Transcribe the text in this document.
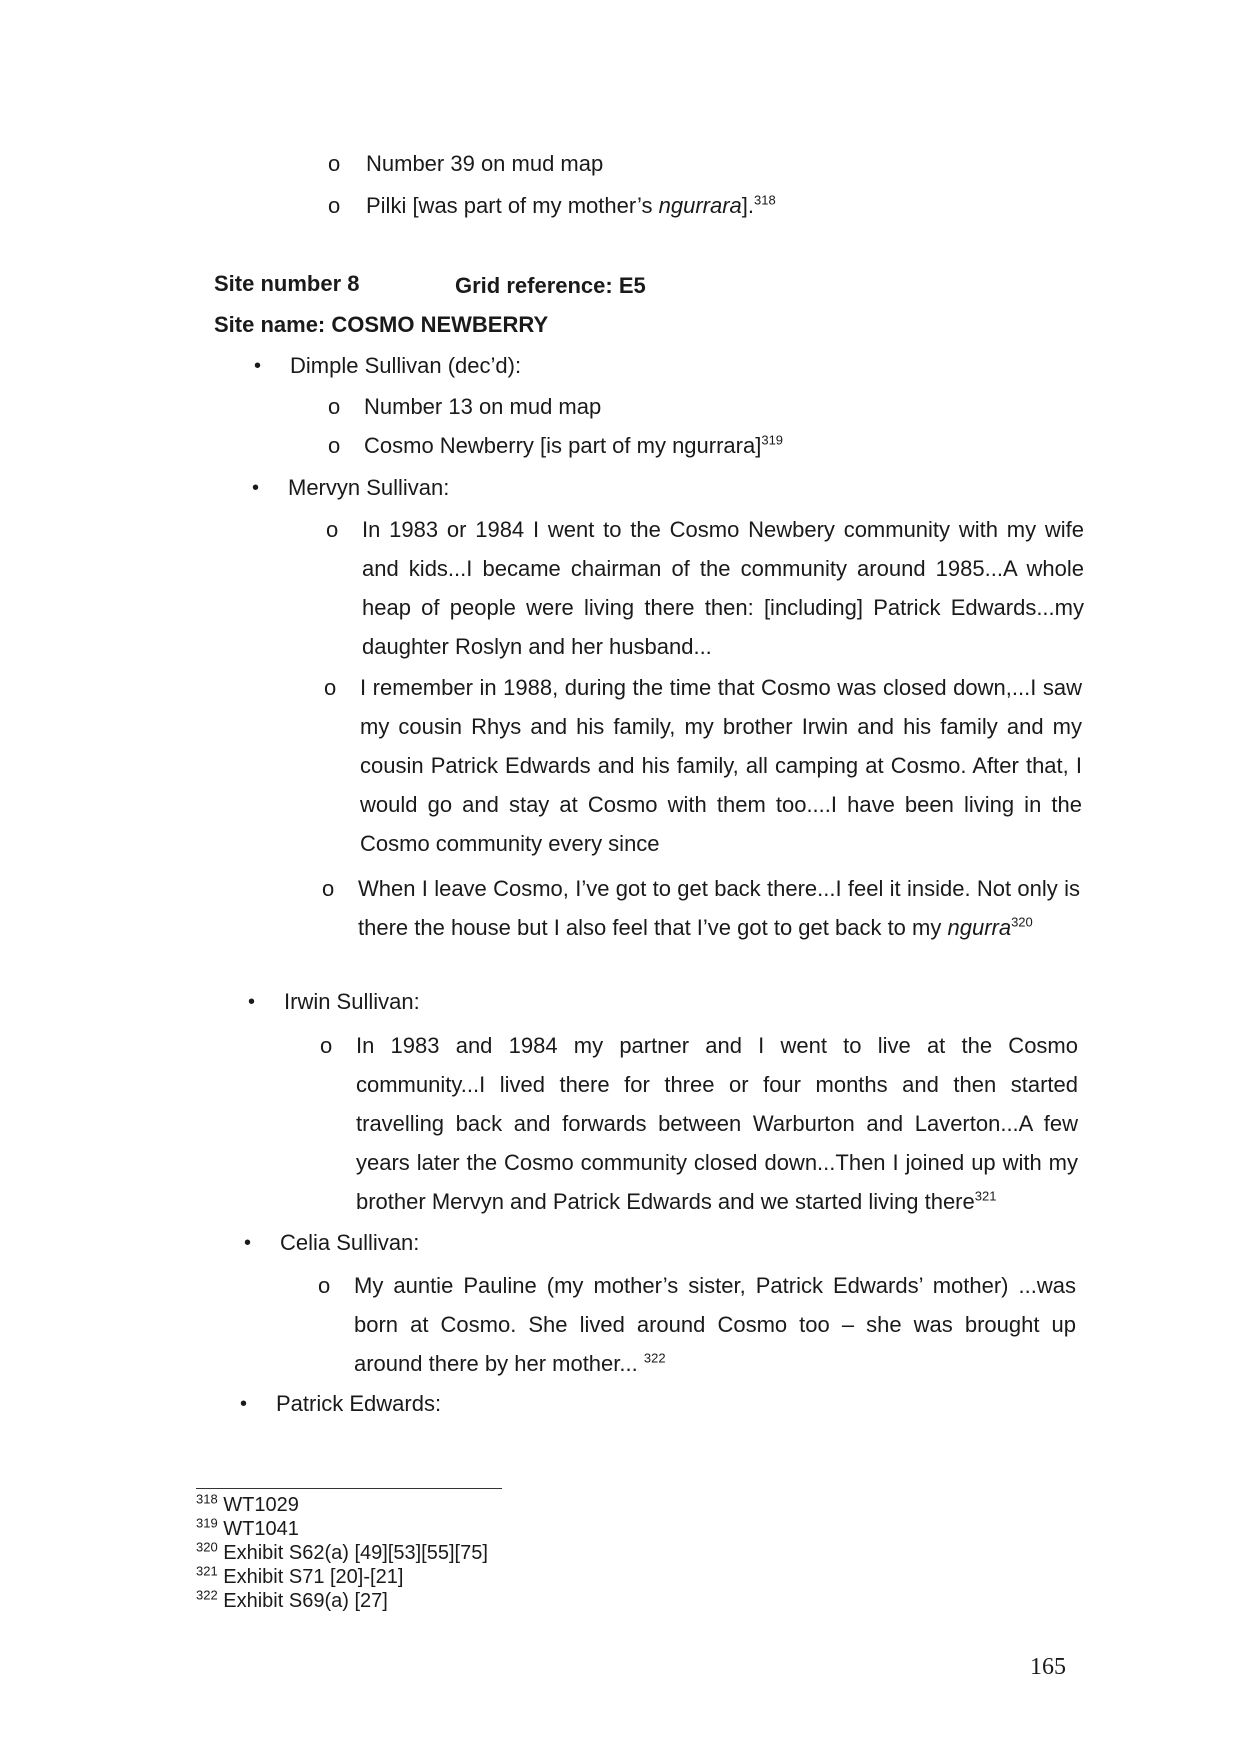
o Number 39 on mud map
o Pilki [was part of my mother’s ngurrara].$^{318}$
Site number 8	Grid reference: E5
Site name: COSMO NEWBERRY
• Dimple Sullivan (dec’d):
o Number 13 on mud map
o Cosmo Newberry [is part of my ngurrara]$^{319}$
• Mervyn Sullivan:
o In 1983 or 1984 I went to the Cosmo Newbery community with my wife and kids...I became chairman of the community around 1985...A whole heap of people were living there then: [including] Patrick Edwards...my daughter Roslyn and her husband...
o I remember in 1988, during the time that Cosmo was closed down,...I saw my cousin Rhys and his family, my brother Irwin and his family and my cousin Patrick Edwards and his family, all camping at Cosmo. After that, I would go and stay at Cosmo with them too....I have been living in the Cosmo community every since
o When I leave Cosmo, I’ve got to get back there...I feel it inside. Not only is there the house but I also feel that I’ve got to get back to my ngurra$^{320}$
• Irwin Sullivan:
o In 1983 and 1984 my partner and I went to live at the Cosmo community...I lived there for three or four months and then started travelling back and forwards between Warburton and Laverton...A few years later the Cosmo community closed down...Then I joined up with my brother Mervyn and Patrick Edwards and we started living there$^{321}$
• Celia Sullivan:
o My auntie Pauline (my mother’s sister, Patrick Edwards’ mother) ...was born at Cosmo. She lived around Cosmo too – she was brought up around there by her mother... $^{322}$
• Patrick Edwards:
$^{318}$ WT1029
$^{319}$ WT1041
$^{320}$ Exhibit S62(a) [49][53][55][75]
$^{321}$ Exhibit S71 [20]-[21]
$^{322}$ Exhibit S69(a) [27]
165
